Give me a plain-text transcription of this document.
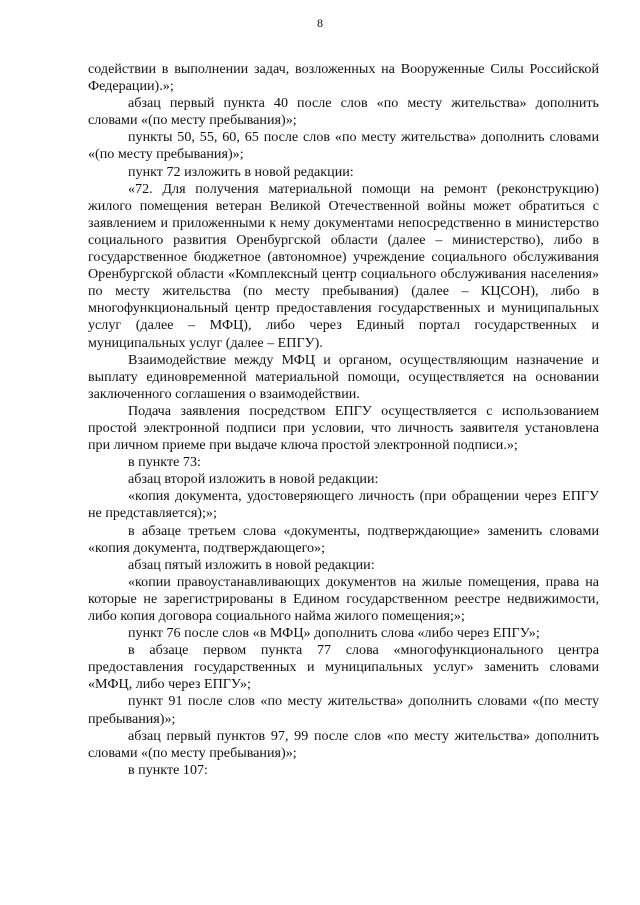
8

содействии в выполнении задач, возложенных на Вооруженные Силы Российской Федерации).»;

абзац первый пункта 40 после слов «по месту жительства» дополнить словами «(по месту пребывания)»;

пункты 50, 55, 60, 65 после слов «по месту жительства» дополнить словами «(по месту пребывания)»;

пункт 72 изложить в новой редакции:

«72. Для получения материальной помощи на ремонт (реконструкцию) жилого помещения ветеран Великой Отечественной войны может обратиться с заявлением и приложенными к нему документами непосредственно в министерство социального развития Оренбургской области (далее – министерство), либо в государственное бюджетное (автономное) учреждение социального обслуживания Оренбургской области «Комплексный центр социального обслуживания населения» по месту жительства (по месту пребывания) (далее – КЦСОН), либо в многофункциональный центр предоставления государственных и муниципальных услуг (далее – МФЦ), либо через Единый портал государственных и муниципальных услуг (далее – ЕПГУ).

Взаимодействие между МФЦ и органом, осуществляющим назначение и выплату единовременной материальной помощи, осуществляется на основании заключенного соглашения о взаимодействии.

Подача заявления посредством ЕПГУ осуществляется с использованием простой электронной подписи при условии, что личность заявителя установлена при личном приеме при выдаче ключа простой электронной подписи.»;

в пункте 73:

абзац второй изложить в новой редакции:

«копия документа, удостоверяющего личность (при обращении через ЕПГУ не представляется);»;

в абзаце третьем слова «документы, подтверждающие» заменить словами «копия документа, подтверждающего»;

абзац пятый изложить в новой редакции:

«копии правоустанавливающих документов на жилые помещения, права на которые не зарегистрированы в Едином государственном реестре недвижимости, либо копия договора социального найма жилого помещения;»;

пункт 76 после слов «в МФЦ» дополнить слова «либо через ЕПГУ»;

в абзаце первом пункта 77 слова «многофункционального центра предоставления государственных и муниципальных услуг» заменить словами «МФЦ, либо через ЕПГУ»;

пункт 91 после слов «по месту жительства» дополнить словами «(по месту пребывания)»;

абзац первый пунктов 97, 99 после слов «по месту жительства» дополнить словами «(по месту пребывания)»;

в пункте 107:
